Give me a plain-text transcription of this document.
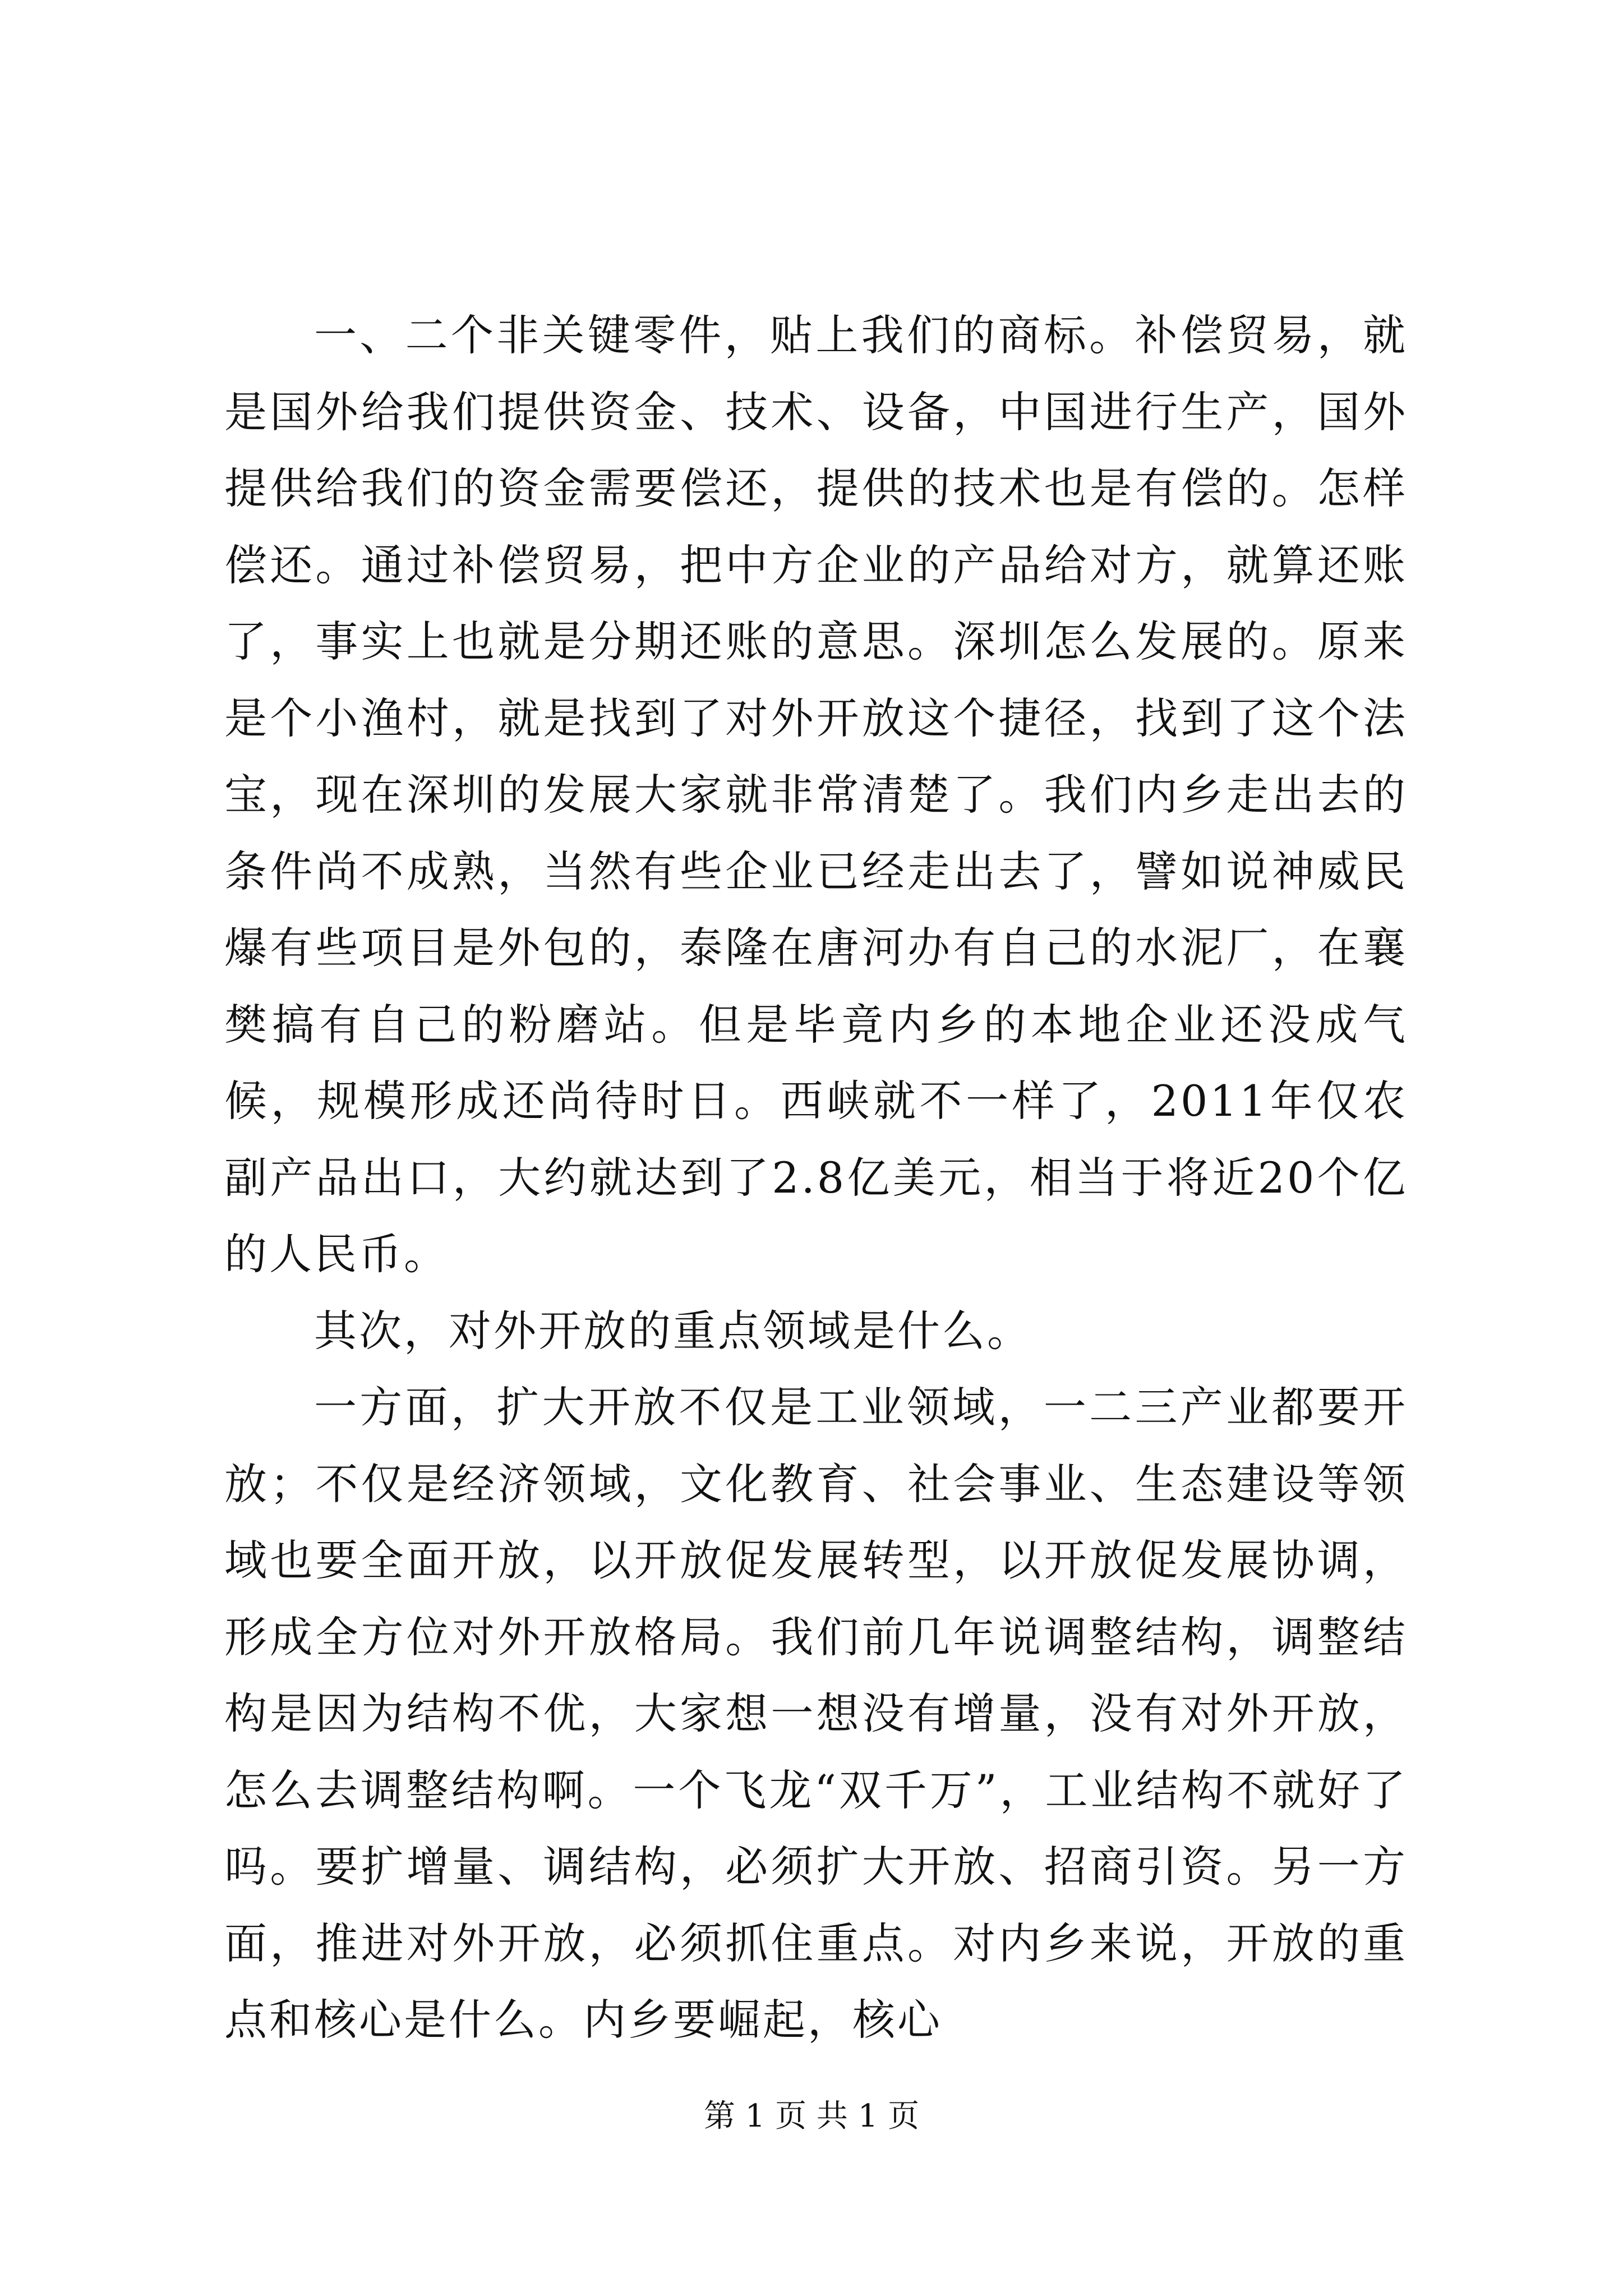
一、二个非关键零件，贴上我们的商标。补偿贸易，就是国外给我们提供资金、技术、设备，中国进行生产，国外提供给我们的资金需要偿还，提供的技术也是有偿的。怎样偿还。通过补偿贸易，把中方企业的产品给对方，就算还账了，事实上也就是分期还账的意思。深圳怎么发展的。原来是个小渔村，就是找到了对外开放这个捷径，找到了这个法宝，现在深圳的发展大家就非常清楚了。我们内乡走出去的条件尚不成熟，当然有些企业已经走出去了，譬如说神威民爆有些项目是外包的，泰隆在唐河办有自己的水泥厂，在襄樊搞有自己的粉磨站。但是毕竟内乡的本地企业还没成气候，规模形成还尚待时日。西峡就不一样了，2011年仅农副产品出口，大约就达到了2.8亿美元，相当于将近20个亿的人民币。

其次，对外开放的重点领域是什么。

一方面，扩大开放不仅是工业领域，一二三产业都要开放；不仅是经济领域，文化教育、社会事业、生态建设等领域也要全面开放，以开放促发展转型，以开放促发展协调，形成全方位对外开放格局。我们前几年说调整结构，调整结构是因为结构不优，大家想一想没有增量，没有对外开放，怎么去调整结构啊。一个飞龙“双千万”，工业结构不就好了吗。要扩增量、调结构，必须扩大开放、招商引资。另一方面，推进对外开放，必须抓住重点。对内乡来说，开放的重点和核心是什么。内乡要崛起，核心

第 1 页 共 1 页
